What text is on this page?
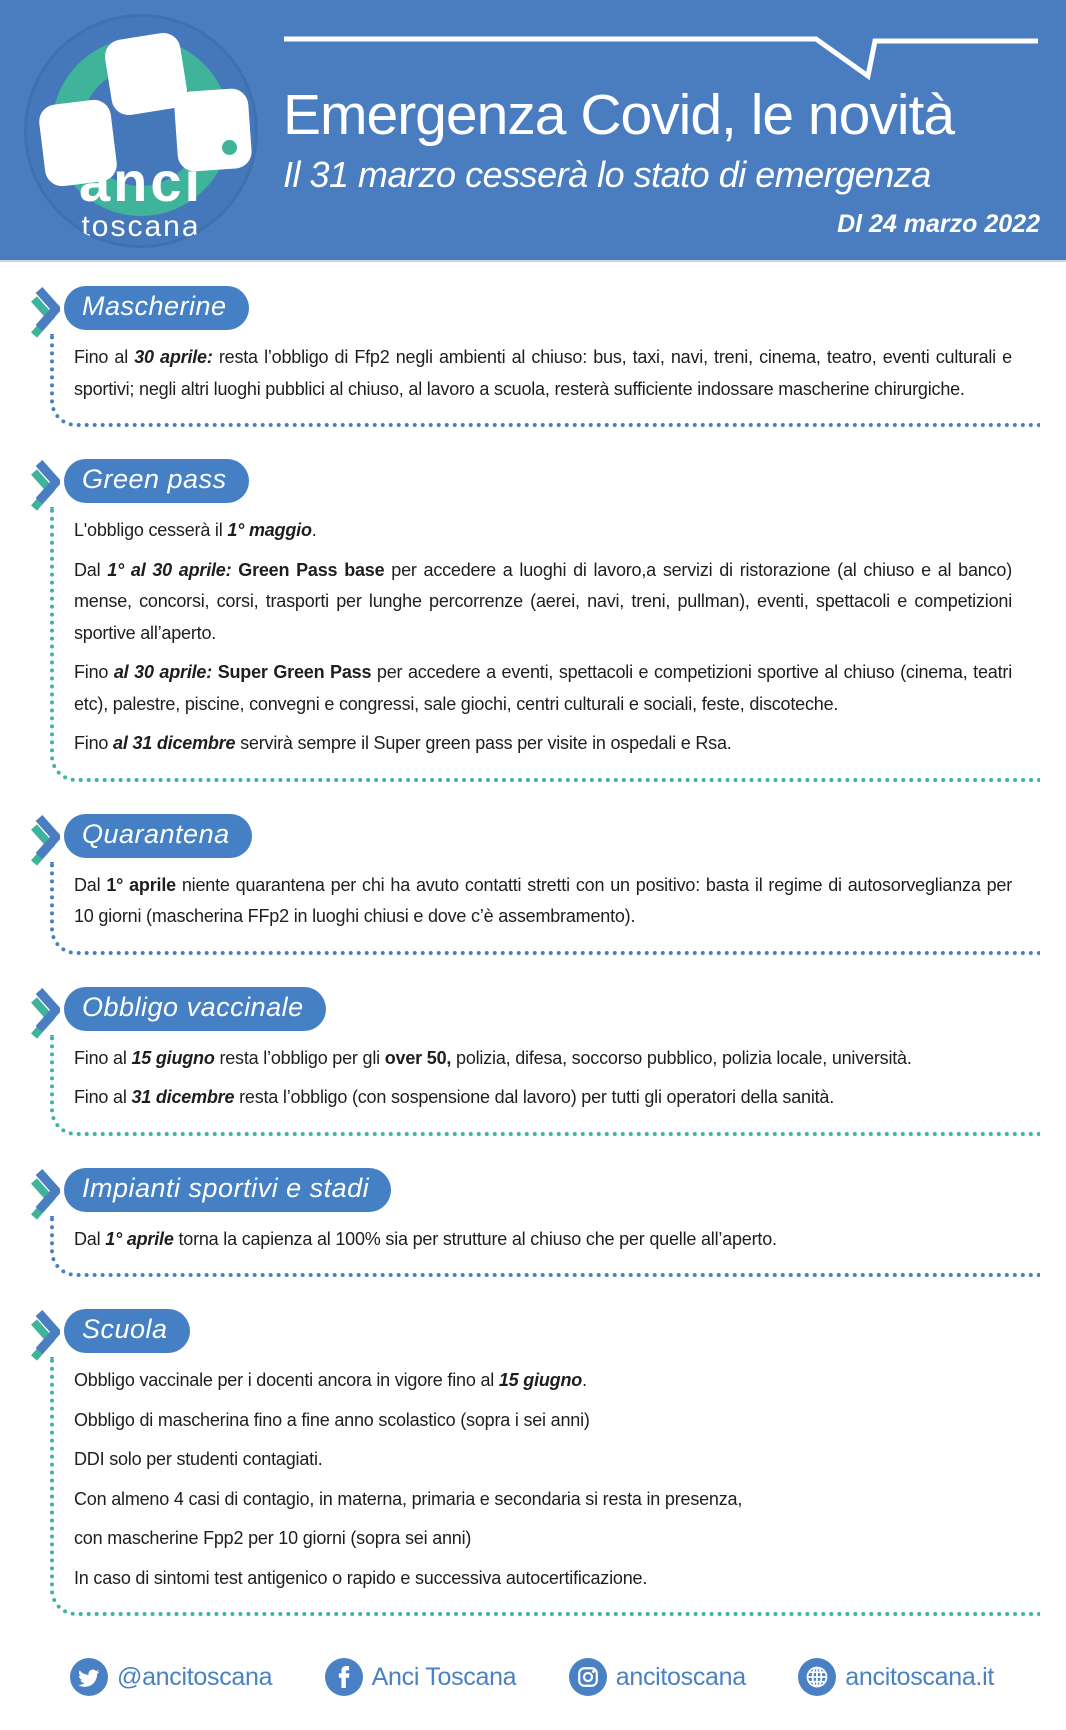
anci
toscana
Emergenza Covid, le novità
Il 31 marzo cesserà lo stato di emergenza
Dl 24 marzo 2022
Mascherine

Fino al 30 aprile: resta l’obbligo di Ffp2 negli ambienti al chiuso: bus, taxi, navi, treni, cinema, teatro, eventi culturali e sportivi; negli altri luoghi pubblici al chiuso, al lavoro a scuola, resterà sufficiente indossare mascherine chirurgiche.

Green pass

L'obbligo cesserà il 1° maggio.

Dal 1° al 30 aprile: Green Pass base per accedere a luoghi di lavoro,a servizi di ristorazione (al chiuso e al banco) mense, concorsi, corsi, trasporti per lunghe percorrenze (aerei, navi, treni, pullman), eventi, spettacoli e competizioni sportive all’aperto.

Fino al 30 aprile: Super Green Pass per accedere a eventi, spettacoli e competizioni sportive al chiuso (cinema, teatri etc), palestre, piscine, convegni e congressi, sale giochi, centri culturali e sociali, feste, discoteche.

Fino al 31 dicembre servirà sempre il Super green pass per visite in ospedali e Rsa.

Quarantena

Dal 1° aprile niente quarantena per chi ha avuto contatti stretti con un positivo: basta il regime di autosorveglianza per 10 giorni (mascherina FFp2 in luoghi chiusi e dove c’è assembramento).

Obbligo vaccinale

Fino al 15 giugno resta l’obbligo per gli over 50, polizia, difesa, soccorso pubblico, polizia locale, università.

Fino al 31 dicembre resta l’obbligo (con sospensione dal lavoro) per tutti gli operatori della sanità.

Impianti sportivi e stadi

Dal 1° aprile torna la capienza al 100% sia per strutture al chiuso che per quelle all’aperto.

Scuola

Obbligo vaccinale per i docenti ancora in vigore fino al 15 giugno.

Obbligo di mascherina fino a fine anno scolastico (sopra i sei anni)

DDI solo per studenti contagiati.

Con almeno 4 casi di contagio, in materna, primaria e secondaria si resta in presenza,

con mascherine Fpp2 per 10 giorni (sopra sei anni)

In caso di sintomi test antigenico o rapido e successiva autocertificazione.

@ancitoscana	Anci Toscana	ancitoscana	ancitoscana.it
